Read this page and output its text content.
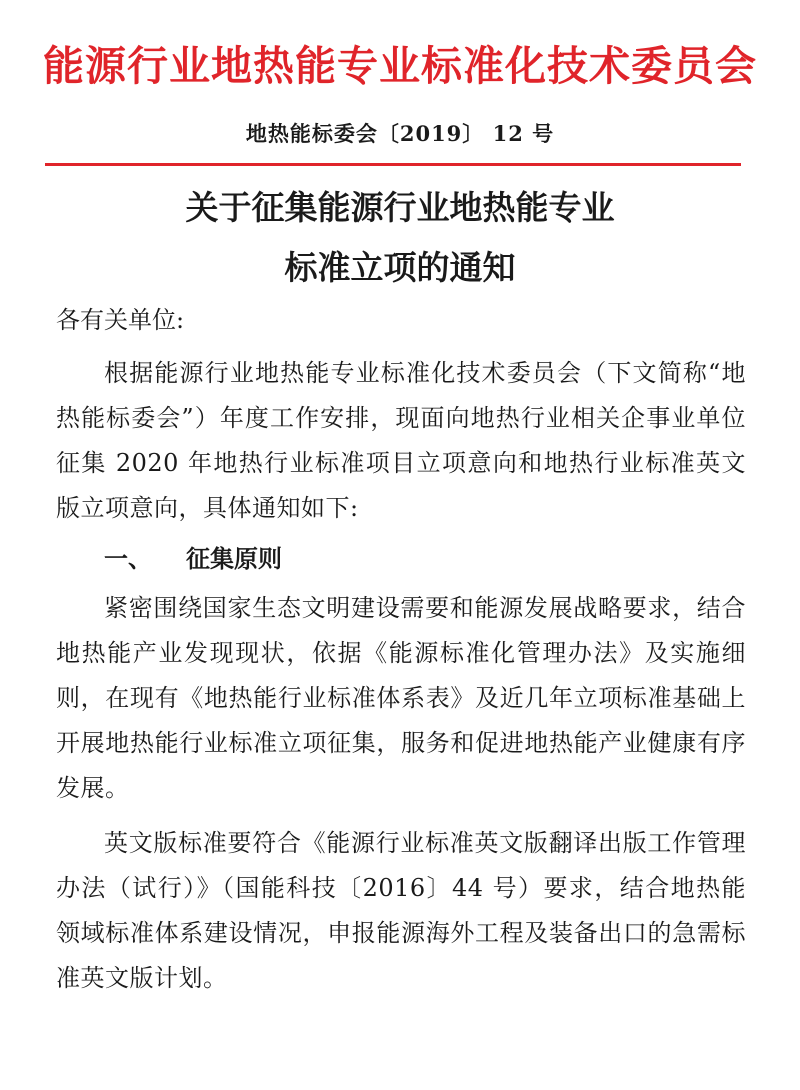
能源行业地热能专业标准化技术委员会
地热能标委会〔2019〕 12 号
关于征集能源行业地热能专业
标准立项的通知

各有关单位:

根据能源行业地热能专业标准化技术委员会（下文简称“地热能标委会”）年度工作安排，现面向地热行业相关企事业单位征集 2020 年地热行业标准项目立项意向和地热行业标准英文版立项意向，具体通知如下:

一、 征集原则

紧密围绕国家生态文明建设需要和能源发展战略要求，结合地热能产业发现现状，依据《能源标准化管理办法》及实施细则，在现有《地热能行业标准体系表》及近几年立项标准基础上开展地热能行业标准立项征集，服务和促进地热能产业健康有序发展。

英文版标准要符合《能源行业标准英文版翻译出版工作管理办法（试行）》（国能科技〔2016〕44 号）要求，结合地热能领域标准体系建设情况，申报能源海外工程及装备出口的急需标准英文版计划。
